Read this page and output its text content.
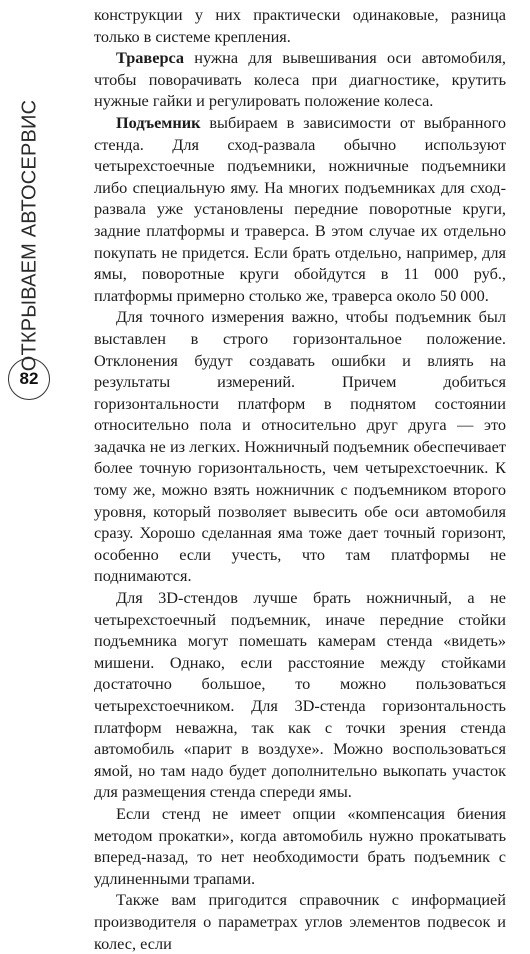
ОТКРЫВАЕМ АВТОСЕРВИС
82

конструкции у них практически одинаковые, разница только в системе крепления.

Траверса нужна для вывешивания оси автомобиля, чтобы поворачивать колеса при диагностике, крутить нужные гайки и регулировать положение колеса.

Подъемник выбираем в зависимости от выбранного стенда. Для сход-развала обычно используют четырехстоечные подъемники, ножничные подъемники либо специальную яму. На многих подъемниках для сход-развала уже установлены передние поворотные круги, задние платформы и траверса. В этом случае их отдельно покупать не придется. Если брать отдельно, например, для ямы, поворотные круги обойдутся в 11 000 руб., платформы примерно столько же, траверса около 50 000.

Для точного измерения важно, чтобы подъемник был выставлен в строго горизонтальное положение. Отклонения будут создавать ошибки и влиять на результаты измерений. Причем добиться горизонтальности платформ в поднятом состоянии относительно пола и относительно друг друга — это задачка не из легких. Ножничный подъемник обеспечивает более точную горизонтальность, чем четырехстоечник. К тому же, можно взять ножничник с подъемником второго уровня, который позволяет вывесить обе оси автомобиля сразу. Хорошо сделанная яма тоже дает точный горизонт, особенно если учесть, что там платформы не поднимаются.

Для 3D-стендов лучше брать ножничный, а не четырехстоечный подъемник, иначе передние стойки подъемника могут помешать камерам стенда «видеть» мишени. Однако, если расстояние между стойками достаточно большое, то можно пользоваться четырехстоечником. Для 3D-стенда горизонтальность платформ неважна, так как с точки зрения стенда автомобиль «парит в воздухе». Можно воспользоваться ямой, но там надо будет дополнительно выкопать участок для размещения стенда спереди ямы.

Если стенд не имеет опции «компенсация биения методом прокатки», когда автомобиль нужно прокатывать вперед-назад, то нет необходимости брать подъемник с удлиненными трапами.

Также вам пригодится справочник с информацией производителя о параметрах углов элементов подвесок и колес, если
